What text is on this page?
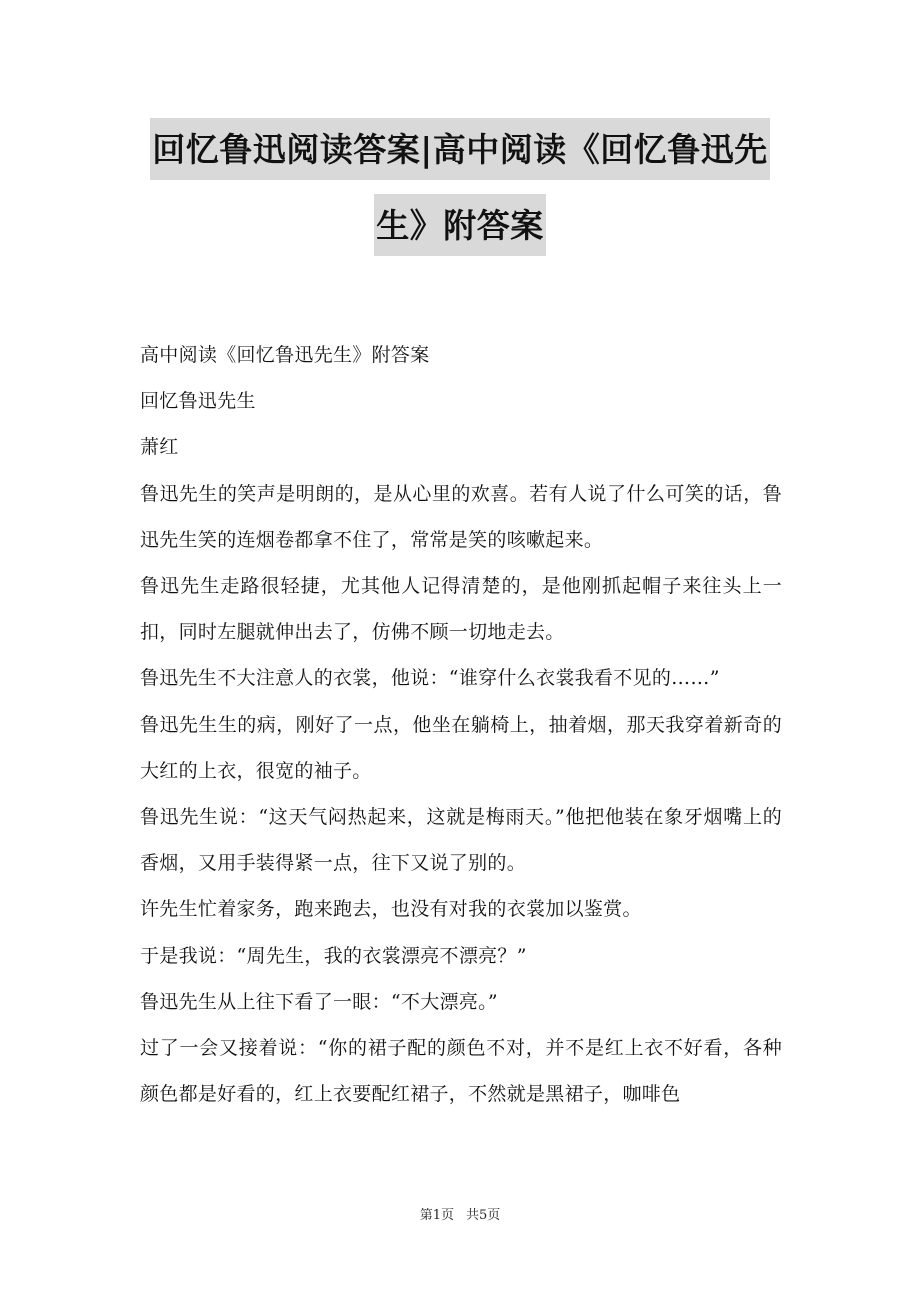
回忆鲁迅阅读答案|高中阅读《回忆鲁迅先
生》附答案

高中阅读《回忆鲁迅先生》附答案

回忆鲁迅先生

萧红

鲁迅先生的笑声是明朗的，是从心里的欢喜。若有人说了什么可笑的话，鲁迅先生笑的连烟卷都拿不住了，常常是笑的咳嗽起来。

鲁迅先生走路很轻捷，尤其他人记得清楚的，是他刚抓起帽子来往头上一扣，同时左腿就伸出去了，仿佛不顾一切地走去。

鲁迅先生不大注意人的衣裳，他说：“谁穿什么衣裳我看不见的……”

鲁迅先生生的病，刚好了一点，他坐在躺椅上，抽着烟，那天我穿着新奇的大红的上衣，很宽的袖子。

鲁迅先生说：“这天气闷热起来，这就是梅雨天。”他把他装在象牙烟嘴上的香烟，又用手装得紧一点，往下又说了别的。

许先生忙着家务，跑来跑去，也没有对我的衣裳加以鉴赏。

于是我说：“周先生，我的衣裳漂亮不漂亮？”

鲁迅先生从上往下看了一眼：“不大漂亮。”

过了一会又接着说：“你的裙子配的颜色不对，并不是红上衣不好看，各种颜色都是好看的，红上衣要配红裙子，不然就是黑裙子，咖啡色

第1页 共5页
